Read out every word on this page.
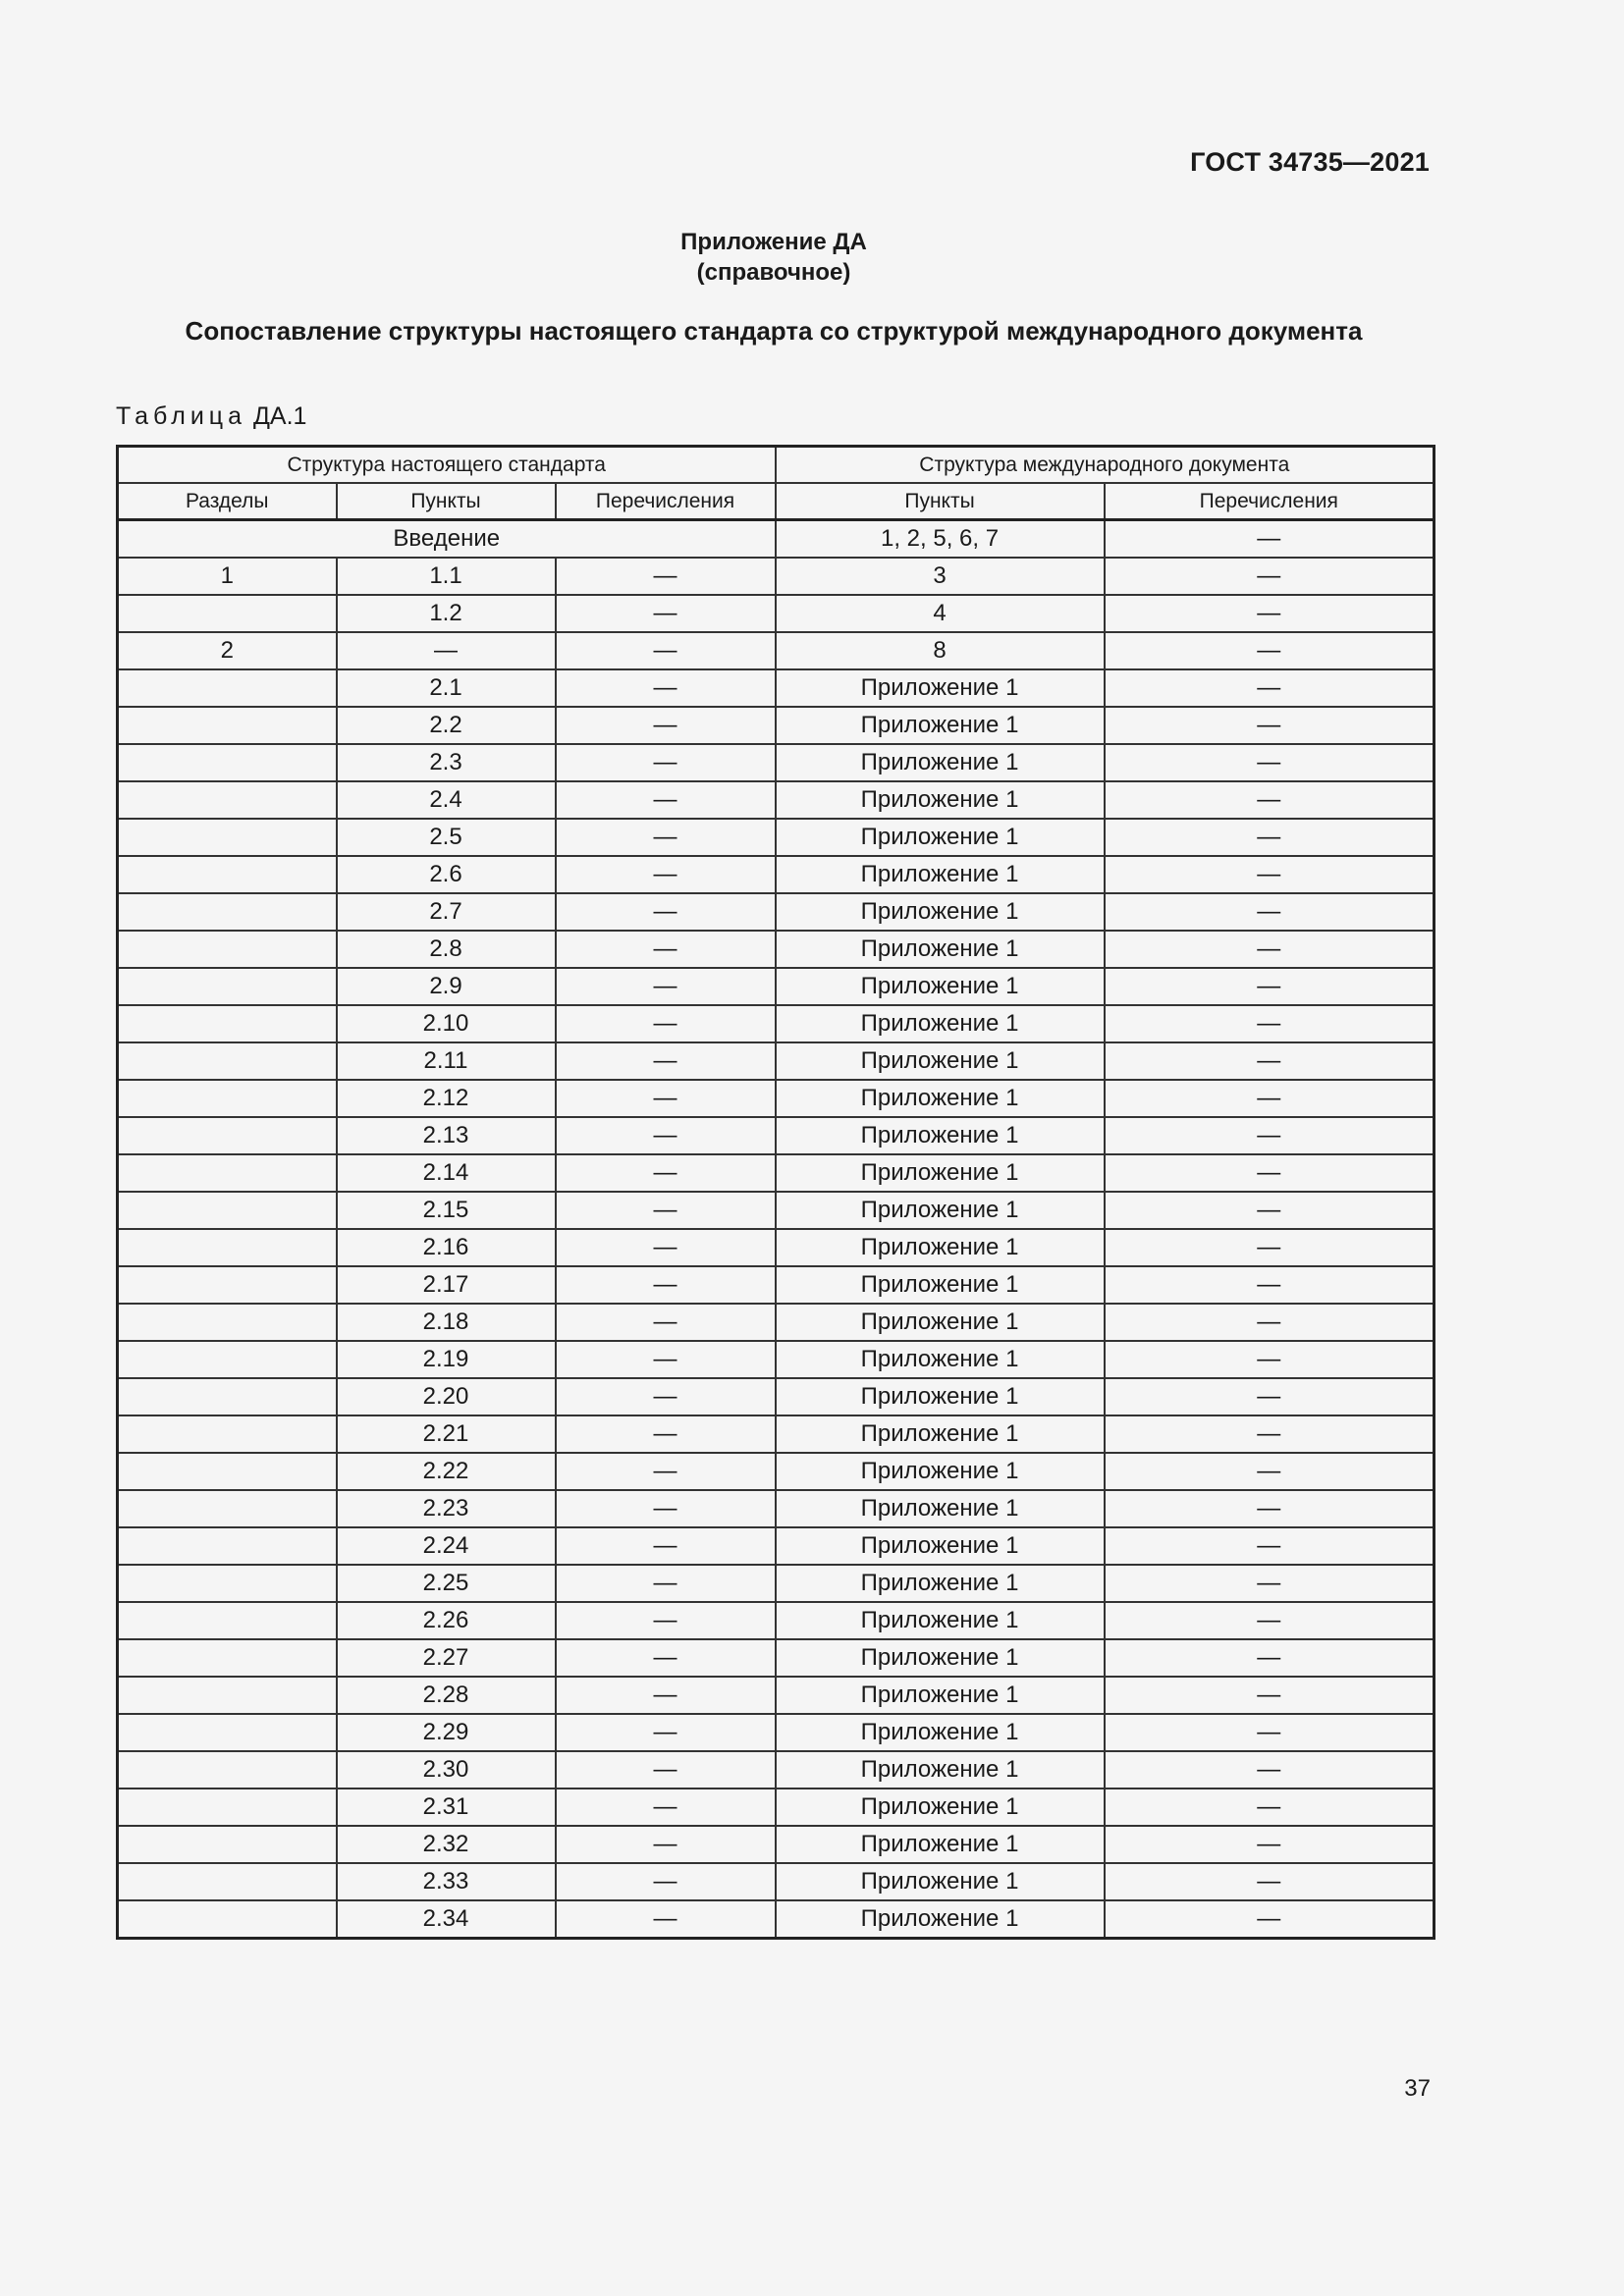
ГОСТ 34735—2021
Приложение ДА
(справочное)
Сопоставление структуры настоящего стандарта со структурой международного документа
Таблица ДА.1
Структура настоящего стандарта			Структура международного документа	
Разделы	Пункты	Перечисления	Пункты	Перечисления
Введение			1, 2, 5, 6, 7	—
1	1.1	—	3	—
	1.2	—	4	—
2	—	—	8	—
	2.1	—	Приложение 1	—
	2.2	—	Приложение 1	—
	2.3	—	Приложение 1	—
	2.4	—	Приложение 1	—
	2.5	—	Приложение 1	—
	2.6	—	Приложение 1	—
	2.7	—	Приложение 1	—
	2.8	—	Приложение 1	—
	2.9	—	Приложение 1	—
	2.10	—	Приложение 1	—
	2.11	—	Приложение 1	—
	2.12	—	Приложение 1	—
	2.13	—	Приложение 1	—
	2.14	—	Приложение 1	—
	2.15	—	Приложение 1	—
	2.16	—	Приложение 1	—
	2.17	—	Приложение 1	—
	2.18	—	Приложение 1	—
	2.19	—	Приложение 1	—
	2.20	—	Приложение 1	—
	2.21	—	Приложение 1	—
	2.22	—	Приложение 1	—
	2.23	—	Приложение 1	—
	2.24	—	Приложение 1	—
	2.25	—	Приложение 1	—
	2.26	—	Приложение 1	—
	2.27	—	Приложение 1	—
	2.28	—	Приложение 1	—
	2.29	—	Приложение 1	—
	2.30	—	Приложение 1	—
	2.31	—	Приложение 1	—
	2.32	—	Приложение 1	—
	2.33	—	Приложение 1	—
	2.34	—	Приложение 1	—
37
